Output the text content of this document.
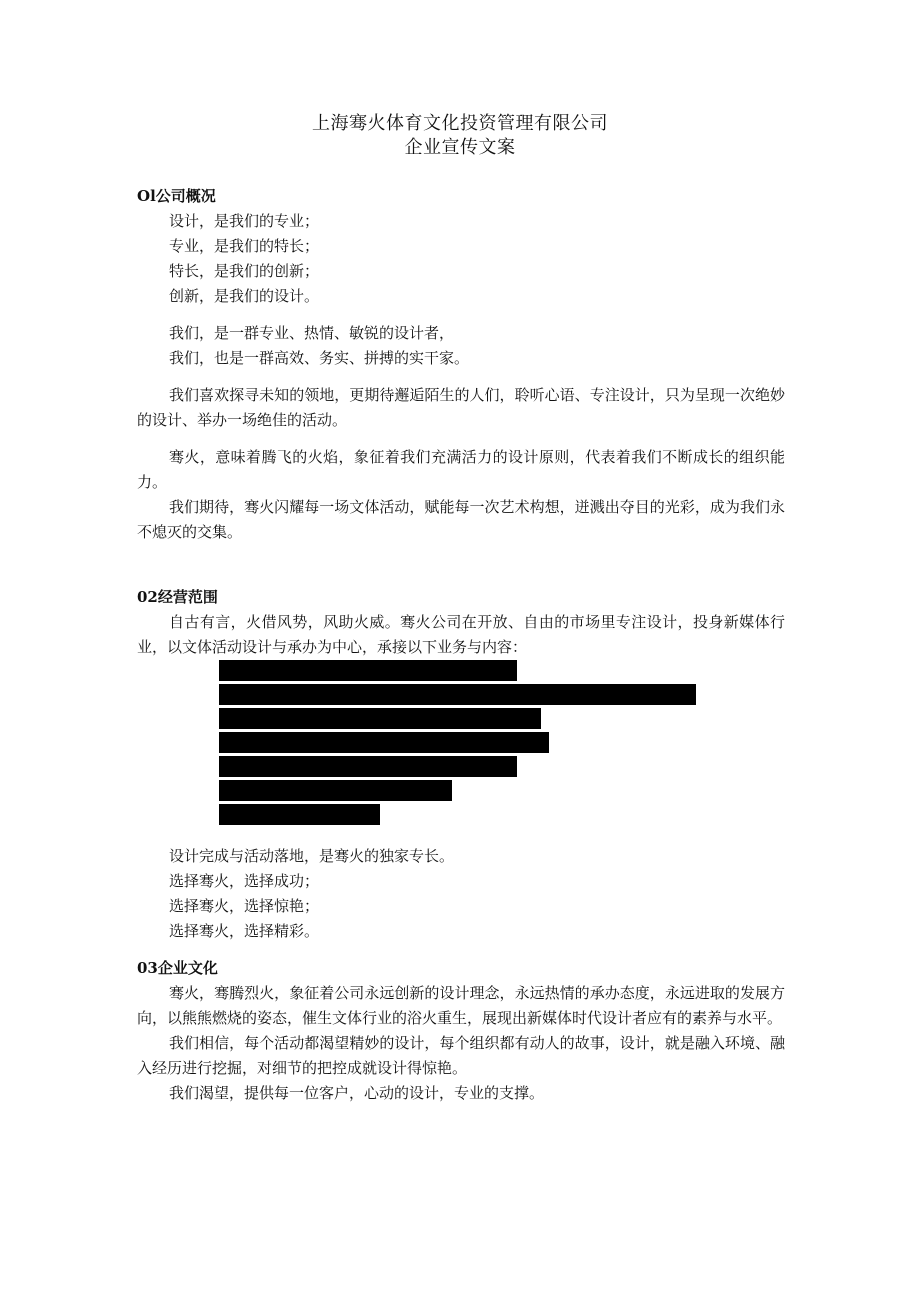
上海骞火体育文化投资管理有限公司
企业宣传文案
Ol公司概况
设计，是我们的专业；
专业，是我们的特长；
特长，是我们的创新；
创新，是我们的设计。
我们，是一群专业、热情、敏锐的设计者，
我们，也是一群高效、务实、拼搏的实干家。
我们喜欢探寻未知的领地，更期待邂逅陌生的人们，聆听心语、专注设计，只为呈现一次绝妙的设计、举办一场绝佳的活动。
骞火，意味着腾飞的火焰，象征着我们充满活力的设计原则，代表着我们不断成长的组织能力。
我们期待，骞火闪耀每一场文体活动，赋能每一次艺术构想，迸溅出夺目的光彩，成为我们永不熄灭的交集。
02经营范围
自古有言，火借风势，风助火威。骞火公司在开放、自由的市场里专注设计，投身新媒体行业，以文体活动设计与承办为中心，承接以下业务与内容：
设计完成与活动落地，是骞火的独家专长。
选择骞火，选择成功；
选择骞火，选择惊艳；
选择骞火，选择精彩。
03企业文化
骞火，骞腾烈火，象征着公司永远创新的设计理念，永远热情的承办态度，永远进取的发展方向，以熊熊燃烧的姿态，催生文体行业的浴火重生，展现出新媒体时代设计者应有的素养与水平。
我们相信，每个活动都渴望精妙的设计，每个组织都有动人的故事，设计，就是融入环境、融入经历进行挖掘，对细节的把控成就设计得惊艳。
我们渴望，提供每一位客户，心动的设计，专业的支撑。
